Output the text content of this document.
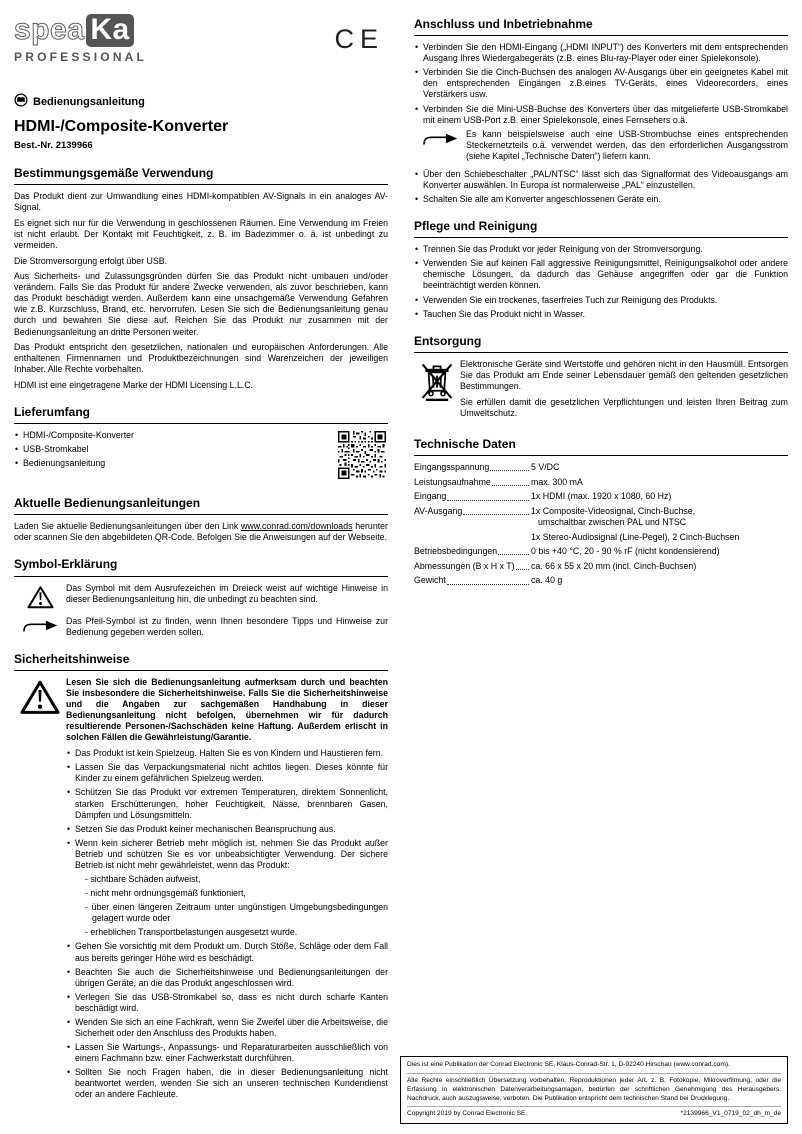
spea Ka
PROFESSIONAL
CE
Bedienungsanleitung
HDMI-/Composite-Konverter
Best.-Nr. 2139966
Bestimmungsgemäße Verwendung

Das Produkt dient zur Umwandlung eines HDMI-kompatiblen AV-Signals in ein analoges AV-Signal.

Es eignet sich nur für die Verwendung in geschlossenen Räumen. Eine Verwendung im Freien ist nicht erlaubt. Der Kontakt mit Feuchtigkeit, z. B. im Badezimmer o. ä. ist unbedingt zu vermeiden.

Die Stromversorgung erfolgt über USB.

Aus Sicherheits- und Zulassungsgründen dürfen Sie das Produkt nicht umbauen und/oder verändern. Falls Sie das Produkt für andere Zwecke verwenden, als zuvor beschrieben, kann das Produkt beschädigt werden. Außerdem kann eine unsachgemäße Verwendung Gefahren wie z.B. Kurzschluss, Brand, etc. hervorrufen. Lesen Sie sich die Bedienungsanleitung genau durch und bewahren Sie diese auf. Reichen Sie das Produkt nur zusammen mit der Bedienungsanleitung an dritte Personen weiter.

Das Produkt entspricht den gesetzlichen, nationalen und europäischen Anforderungen. Alle enthaltenen Firmennamen und Produktbezeichnungen sind Warenzeichen der jeweiligen Inhaber. Alle Rechte vorbehalten.

HDMI ist eine eingetragene Marke der HDMI Licensing L.L.C.

Lieferumfang
• HDMI-/Composite-Konverter
• USB-Stromkabel
• Bedienungsanleitung
Aktuelle Bedienungsanleitungen

Laden Sie aktuelle Bedienungsanleitungen über den Link www.conrad.com/downloads herunter oder scannen Sie den abgebildeten QR-Code. Befolgen Sie die Anweisungen auf der Webseite.

Symbol-Erklärung

Das Symbol mit dem Ausrufezeichen im Dreieck weist auf wichtige Hinweise in dieser Bedienungsanleitung hin, die unbedingt zu beachten sind.

Das Pfeil-Symbol ist zu finden, wenn Ihnen besondere Tipps und Hinweise zur Bedienung gegeben werden sollen.

Sicherheitshinweise

Lesen Sie sich die Bedienungsanleitung aufmerksam durch und beachten Sie insbesondere die Sicherheitshinweise. Falls Sie die Sicherheitshinweise und die Angaben zur sachgemäßen Handhabung in dieser Bedienungsanleitung nicht befolgen, übernehmen wir für dadurch resultierende Personen-/Sachschäden keine Haftung. Außerdem erlischt in solchen Fällen die Gewährleistung/Garantie.

• Das Produkt ist kein Spielzeug. Halten Sie es von Kindern und Haustieren fern.
• Lassen Sie das Verpackungsmaterial nicht achtlos liegen. Dieses könnte für Kinder zu einem gefährlichen Spielzeug werden.
• Schützen Sie das Produkt vor extremen Temperaturen, direktem Sonnenlicht, starken Erschütterungen, hoher Feuchtigkeit, Nässe, brennbaren Gasen, Dämpfen und Lösungsmitteln.
• Setzen Sie das Produkt keiner mechanischen Beanspruchung aus.
• Wenn kein sicherer Betrieb mehr möglich ist, nehmen Sie das Produkt außer Betrieb und schützen Sie es vor unbeabsichtigter Verwendung. Der sichere Betrieb ist nicht mehr gewährleistet, wenn das Produkt:
- sichtbare Schäden aufweist,
- nicht mehr ordnungsgemäß funktioniert,
- über einen längeren Zeitraum unter ungünstigen Umgebungsbedingungen gelagert wurde oder
- erheblichen Transportbelastungen ausgesetzt wurde.
• Gehen Sie vorsichtig mit dem Produkt um. Durch Stöße, Schläge oder dem Fall aus bereits geringer Höhe wird es beschädigt.
• Beachten Sie auch die Sicherheitshinweise und Bedienungsanleitungen der übrigen Geräte, an die das Produkt angeschlossen wird.
• Verlegen Sie das USB-Stromkabel so, dass es nicht durch scharfe Kanten beschädigt wird.
• Wenden Sie sich an eine Fachkraft, wenn Sie Zweifel über die Arbeitsweise, die Sicherheit oder den Anschluss des Produkts haben.
• Lassen Sie Wartungs-, Anpassungs- und Reparaturarbeiten ausschließlich von einem Fachmann bzw. einer Fachwerkstatt durchführen.
• Sollten Sie noch Fragen haben, die in dieser Bedienungsanleitung nicht beantwortet werden, wenden Sie sich an unseren technischen Kundendienst oder an andere Fachleute.
Anschluss und Inbetriebnahme
• Verbinden Sie den HDMI-Eingang („HDMI INPUT“) des Konverters mit dem entsprechenden Ausgang Ihres Wiedergabegeräts (z.B. eines Blu-ray-Player oder einer Spielekonsole).
• Verbinden Sie die Cinch-Buchsen des analogen AV-Ausgangs über ein geeignetes Kabel mit den entsprechenden Eingängen z.B.eines TV-Geräts, eines Videorecorders, eines Verstärkers usw.
• Verbinden Sie die Mini-USB-Buchse des Konverters über das mitgelieferte USB-Stromkabel mit einem USB-Port z.B. einer Spielekonsole, eines Fernsehers o.ä.

Es kann beispielsweise auch eine USB-Strombuchse eines entsprechenden Steckernetzteils o.ä. verwendet werden, das den erforderlichen Ausgangsstrom (siehe Kapitel „Technische Daten“) liefern kann.

• Über den Schiebeschalter „PAL/NTSC“ lässt sich das Signalformat des Videoausgangs am Konverter auswählen. In Europa ist normalerweise „PAL“ einzustellen.
• Schalten Sie alle am Konverter angeschlossenen Geräte ein.
Pflege und Reinigung
• Trennen Sie das Produkt vor jeder Reinigung von der Stromversorgung.
• Verwenden Sie auf keinen Fall aggressive Reinigungsmittel, Reinigungsalkohol oder andere chemische Lösungen, da dadurch das Gehäuse angegriffen oder gar die Funktion beeinträchtigt werden können.
• Verwenden Sie ein trockenes, faserfreies Tuch zur Reinigung des Produkts.
• Tauchen Sie das Produkt nicht in Wasser.
Entsorgung

Elektronische Geräte sind Wertstoffe und gehören nicht in den Hausmüll. Entsorgen Sie das Produkt am Ende seiner Lebensdauer gemäß den geltenden gesetzlichen Bestimmungen.

Sie erfüllen damit die gesetzlichen Verpflichtungen und leisten Ihren Beitrag zum Umweltschutz.

Technische Daten
Eingangsspannung	5 V/DC
Leistungsaufnahme	max. 300 mA
Eingang	1x HDMI (max. 1920 x 1080, 60 Hz)
AV-Ausgang	1x Composite-Videosignal, Cinch-Buchse,
umschaltbar zwischen PAL und NTSC
1x Stereo-Audiosignal (Line-Pegel), 2 Cinch-Buchsen
Betriebsbedingungen	0 bis +40 °C, 20 - 90 % rF (nicht kondensierend)
Abmessungen (B x H x T) ca. 66 x 55 x 20 mm (incl. Cinch-Buchsen)
Gewicht	ca. 40 g

Dies ist eine Publikation der Conrad Electronic SE, Klaus-Conrad-Str. 1, D-92240 Hirschau (www.conrad.com).

Alle Rechte einschließlich Übersetzung vorbehalten. Reproduktionen jeder Art, z. B. Fotokopie, Mikroverfilmung, oder die Erfassung in elektronischen Datenverarbeitungsanlagen, bedürfen der schriftlichen Genehmigung des Herausgebers. Nachdruck, auch auszugsweise, verboten. Die Publikation entspricht dem technischen Stand bei Drucklegung.

Copyright 2019 by Conrad Electronic SE.	*2139966_V1_0719_02_dh_m_de
